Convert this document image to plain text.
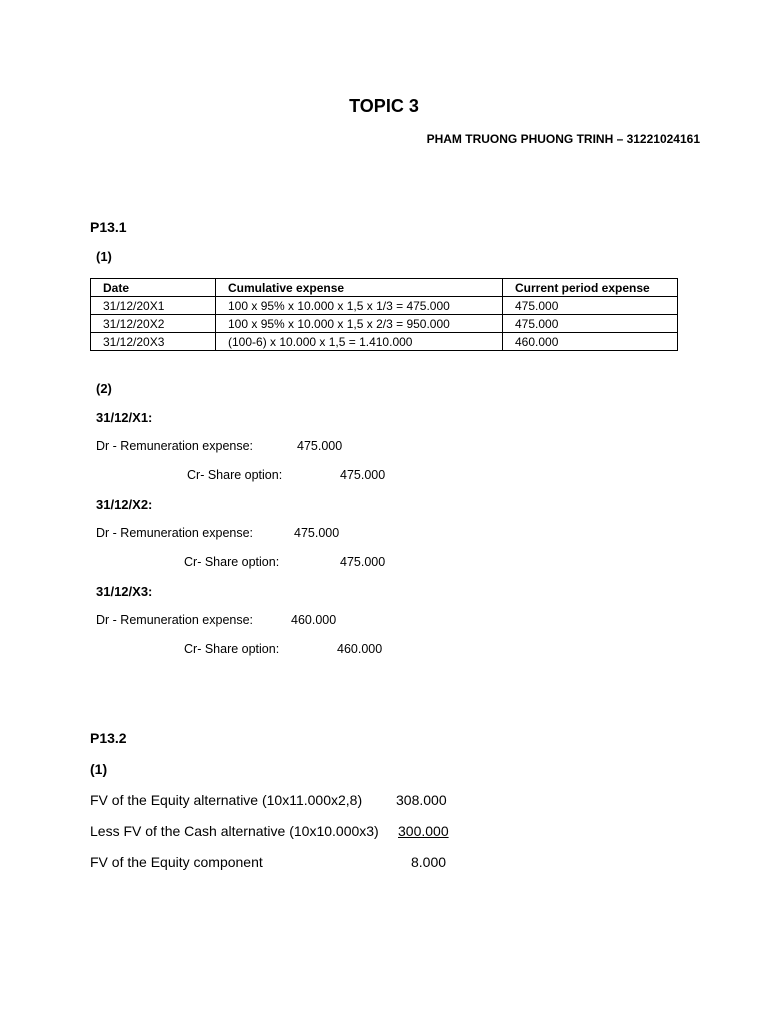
TOPIC 3
PHAM TRUONG PHUONG TRINH – 31221024161
P13.1
(1)
Date	Cumulative expense	Current period expense
31/12/20X1	100 x 95% x 10.000 x 1,5 x 1/3 = 475.000	475.000
31/12/20X2	100 x 95% x 10.000 x 1,5 x 2/3 = 950.000	475.000
31/12/20X3	(100-6) x 10.000 x 1,5 = 1.410.000	460.000
(2)
31/12/X1:
Dr - Remuneration expense:	475.000
Cr- Share option:	475.000
31/12/X2:
Dr - Remuneration expense:	475.000
Cr- Share option:	475.000
31/12/X3:
Dr - Remuneration expense:	460.000
Cr- Share option:	460.000
P13.2
(1)
FV of the Equity alternative (10x11.000x2,8) 308.000
Less FV of the Cash alternative (10x10.000x3) 300.000
FV of the Equity component	8.000
